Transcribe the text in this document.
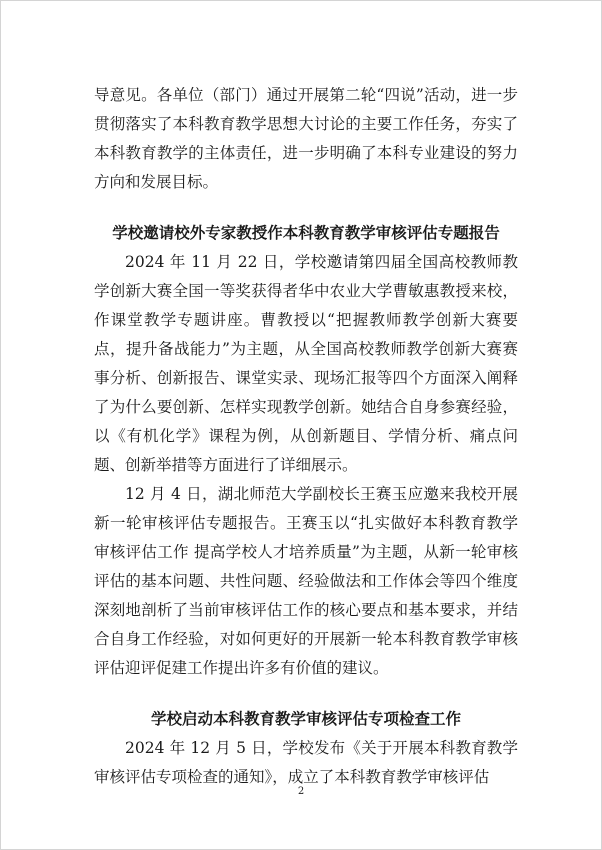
导意见。各单位（部门）通过开展第二轮“四说”活动，进一步贯彻落实了本科教育教学思想大讨论的主要工作任务，夯实了本科教育教学的主体责任，进一步明确了本科专业建设的努力方向和发展目标。

学校邀请校外专家教授作本科教育教学审核评估专题报告

2024 年 11 月 22 日，学校邀请第四届全国高校教师教学创新大赛全国一等奖获得者华中农业大学曹敏惠教授来校，作课堂教学专题讲座。曹教授以“把握教师教学创新大赛要点，提升备战能力”为主题，从全国高校教师教学创新大赛赛事分析、创新报告、课堂实录、现场汇报等四个方面深入阐释了为什么要创新、怎样实现教学创新。她结合自身参赛经验，以《有机化学》课程为例，从创新题目、学情分析、痛点问题、创新举措等方面进行了详细展示。

12 月 4 日，湖北师范大学副校长王赛玉应邀来我校开展新一轮审核评估专题报告。王赛玉以“扎实做好本科教育教学审核评估工作 提高学校人才培养质量”为主题，从新一轮审核评估的基本问题、共性问题、经验做法和工作体会等四个维度深刻地剖析了当前审核评估工作的核心要点和基本要求，并结合自身工作经验，对如何更好的开展新一轮本科教育教学审核评估迎评促建工作提出许多有价值的建议。

学校启动本科教育教学审核评估专项检查工作

2024 年 12 月 5 日，学校发布《关于开展本科教育教学审核评估专项检查的通知》，成立了本科教育教学审核评估

2
